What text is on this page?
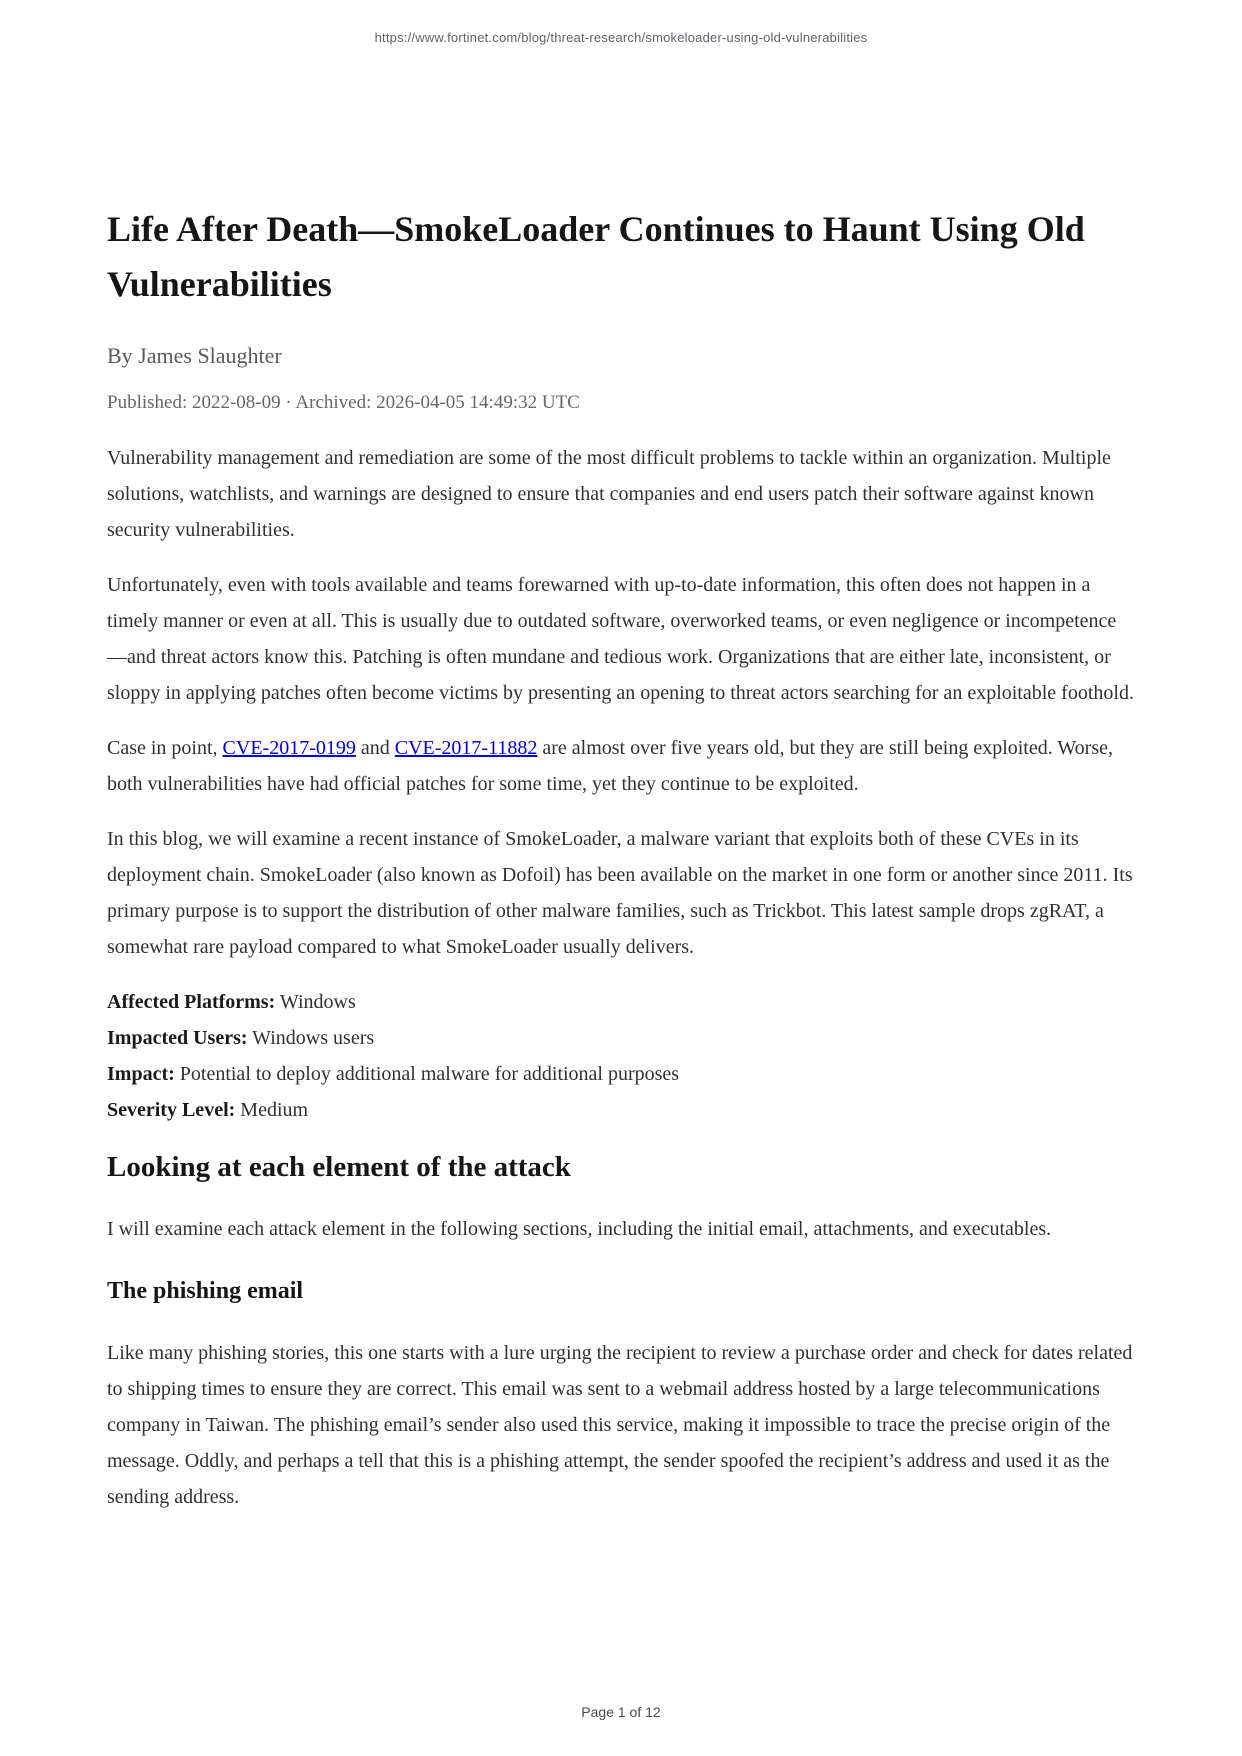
https://www.fortinet.com/blog/threat-research/smokeloader-using-old-vulnerabilities
Life After Death—SmokeLoader Continues to Haunt Using Old Vulnerabilities
By James Slaughter
Published: 2022-08-09 · Archived: 2026-04-05 14:49:32 UTC

Vulnerability management and remediation are some of the most difficult problems to tackle within an organization. Multiple solutions, watchlists, and warnings are designed to ensure that companies and end users patch their software against known security vulnerabilities.

Unfortunately, even with tools available and teams forewarned with up-to-date information, this often does not happen in a timely manner or even at all. This is usually due to outdated software, overworked teams, or even negligence or incompetence—and threat actors know this. Patching is often mundane and tedious work. Organizations that are either late, inconsistent, or sloppy in applying patches often become victims by presenting an opening to threat actors searching for an exploitable foothold.

Case in point, CVE-2017-0199 and CVE-2017-11882 are almost over five years old, but they are still being exploited. Worse, both vulnerabilities have had official patches for some time, yet they continue to be exploited.

In this blog, we will examine a recent instance of SmokeLoader, a malware variant that exploits both of these CVEs in its deployment chain. SmokeLoader (also known as Dofoil) has been available on the market in one form or another since 2011. Its primary purpose is to support the distribution of other malware families, such as Trickbot. This latest sample drops zgRAT, a somewhat rare payload compared to what SmokeLoader usually delivers.

Affected Platforms: Windows
Impacted Users: Windows users
Impact: Potential to deploy additional malware for additional purposes
Severity Level: Medium

Looking at each element of the attack

I will examine each attack element in the following sections, including the initial email, attachments, and executables.

The phishing email

Like many phishing stories, this one starts with a lure urging the recipient to review a purchase order and check for dates related to shipping times to ensure they are correct. This email was sent to a webmail address hosted by a large telecommunications company in Taiwan. The phishing email’s sender also used this service, making it impossible to trace the precise origin of the message. Oddly, and perhaps a tell that this is a phishing attempt, the sender spoofed the recipient’s address and used it as the sending address.

Page 1 of 12
